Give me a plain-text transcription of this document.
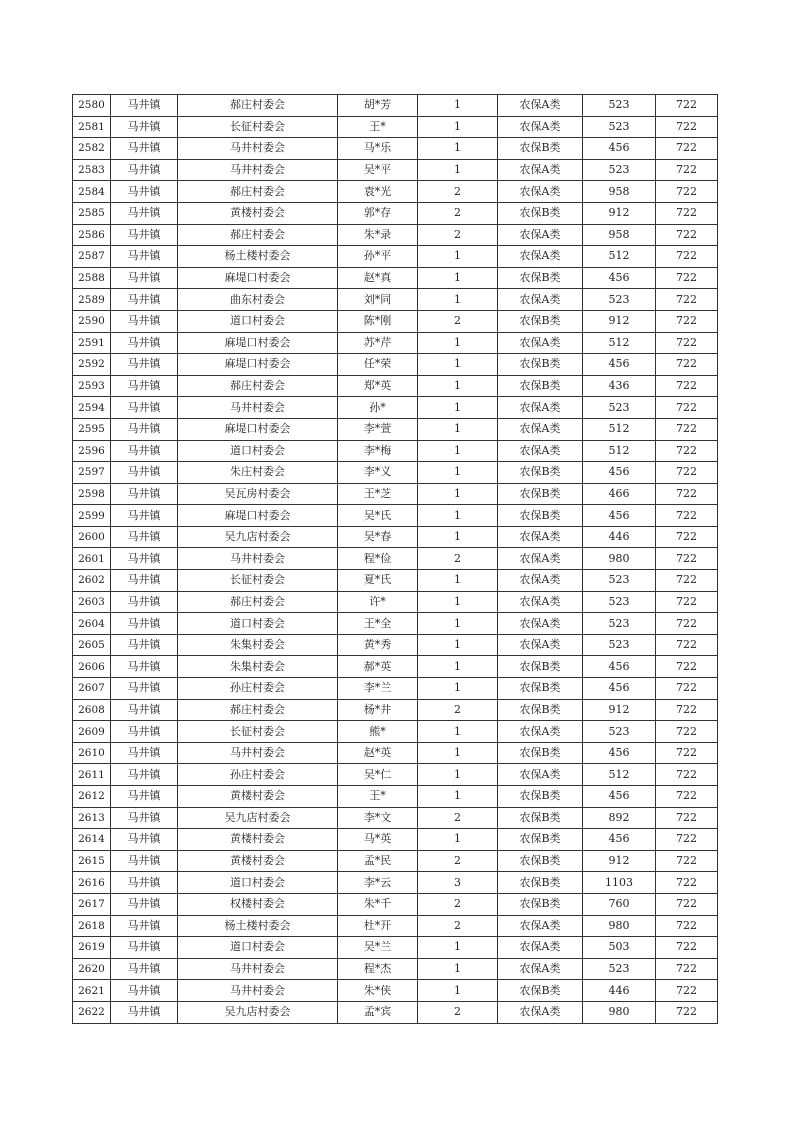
2580	马井镇	郝庄村委会	胡*芳	1	农保A类	523	722
2581	马井镇	长征村委会	王*	1	农保A类	523	722
2582	马井镇	马井村委会	马*乐	1	农保B类	456	722
2583	马井镇	马井村委会	吴*平	1	农保A类	523	722
2584	马井镇	郝庄村委会	袁*光	2	农保A类	958	722
2585	马井镇	黄楼村委会	郭*存	2	农保B类	912	722
2586	马井镇	郝庄村委会	朱*录	2	农保A类	958	722
2587	马井镇	杨土楼村委会	孙*平	1	农保A类	512	722
2588	马井镇	麻堤口村委会	赵*真	1	农保B类	456	722
2589	马井镇	曲东村委会	刘*同	1	农保A类	523	722
2590	马井镇	道口村委会	陈*刚	2	农保B类	912	722
2591	马井镇	麻堤口村委会	苏*芹	1	农保A类	512	722
2592	马井镇	麻堤口村委会	任*荣	1	农保B类	456	722
2593	马井镇	郝庄村委会	郑*英	1	农保B类	436	722
2594	马井镇	马井村委会	孙*	1	农保A类	523	722
2595	马井镇	麻堤口村委会	李*萱	1	农保A类	512	722
2596	马井镇	道口村委会	李*梅	1	农保A类	512	722
2597	马井镇	朱庄村委会	李*义	1	农保B类	456	722
2598	马井镇	吴瓦房村委会	王*芝	1	农保B类	466	722
2599	马井镇	麻堤口村委会	吴*氏	1	农保B类	456	722
2600	马井镇	吴九店村委会	吴*春	1	农保A类	446	722
2601	马井镇	马井村委会	程*俭	2	农保A类	980	722
2602	马井镇	长征村委会	夏*氏	1	农保A类	523	722
2603	马井镇	郝庄村委会	许*	1	农保A类	523	722
2604	马井镇	道口村委会	王*全	1	农保A类	523	722
2605	马井镇	朱集村委会	黄*秀	1	农保A类	523	722
2606	马井镇	朱集村委会	郝*英	1	农保B类	456	722
2607	马井镇	孙庄村委会	李*兰	1	农保B类	456	722
2608	马井镇	郝庄村委会	杨*井	2	农保B类	912	722
2609	马井镇	长征村委会	熊*	1	农保A类	523	722
2610	马井镇	马井村委会	赵*英	1	农保B类	456	722
2611	马井镇	孙庄村委会	吴*仁	1	农保A类	512	722
2612	马井镇	黄楼村委会	王*	1	农保B类	456	722
2613	马井镇	吴九店村委会	李*文	2	农保B类	892	722
2614	马井镇	黄楼村委会	马*英	1	农保B类	456	722
2615	马井镇	黄楼村委会	孟*民	2	农保B类	912	722
2616	马井镇	道口村委会	李*云	3	农保B类	1103	722
2617	马井镇	权楼村委会	朱*千	2	农保B类	760	722
2618	马井镇	杨土楼村委会	杜*开	2	农保A类	980	722
2619	马井镇	道口村委会	吴*兰	1	农保A类	503	722
2620	马井镇	马井村委会	程*杰	1	农保A类	523	722
2621	马井镇	马井村委会	朱*侠	1	农保B类	446	722
2622	马井镇	吴九店村委会	孟*宾	2	农保A类	980	722
